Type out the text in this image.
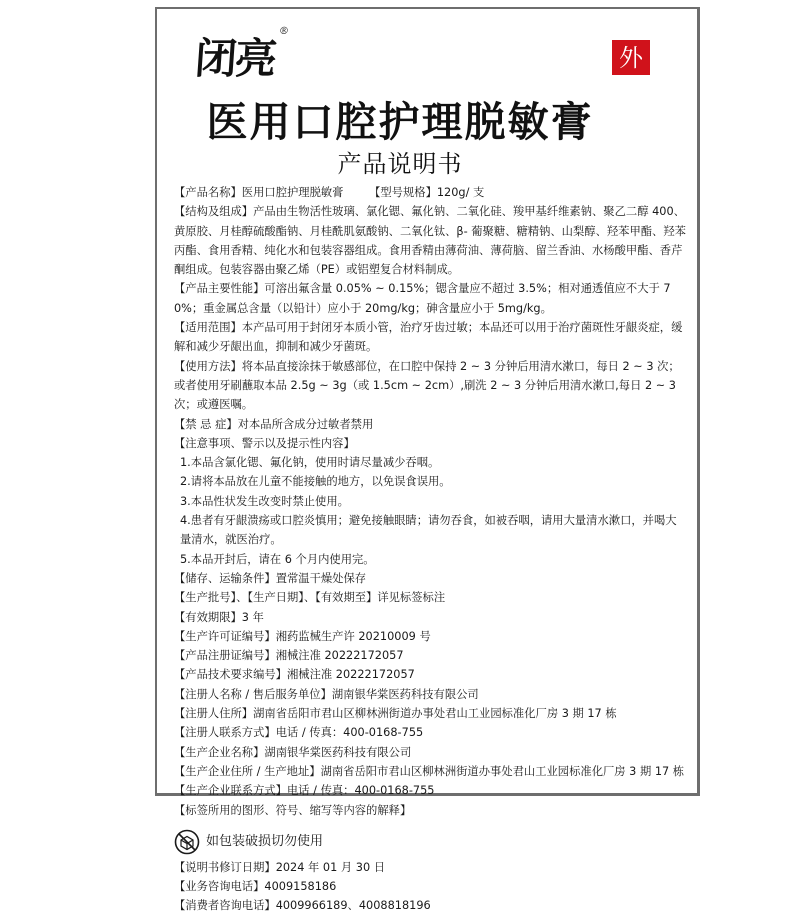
闭亮®
外
医用口腔护理脱敏膏
产品说明书
【产品名称】医用口腔护理脱敏膏 【型号规格】120g/ 支
【结构及组成】产品由生物活性玻璃、氯化锶、氟化钠、二氧化硅、羧甲基纤维素钠、聚乙二醇 400、黄原胶、月桂醇硫酸酯钠、月桂酰肌氨酸钠、二氧化钛、β- 葡聚糖、糖精钠、山梨醇、羟苯甲酯、羟苯丙酯、食用香精、纯化水和包装容器组成。食用香精由薄荷油、薄荷脑、留兰香油、水杨酸甲酯、香芹酮组成。包装容器由聚乙烯（PE）或铝塑复合材料制成。
【产品主要性能】可溶出氟含量 0.05% ~ 0.15%；锶含量应不超过 3.5%；相对通透值应不大于 70%；重金属总含量（以铅计）应小于 20mg/kg；砷含量应小于 5mg/kg。
【适用范围】本产品可用于封闭牙本质小管，治疗牙齿过敏；本品还可以用于治疗菌斑性牙龈炎症，缓解和减少牙龈出血，抑制和减少牙菌斑。
【使用方法】将本品直接涂抹于敏感部位，在口腔中保持 2 ~ 3 分钟后用清水漱口，每日 2 ~ 3 次；或者使用牙刷蘸取本品 2.5g ~ 3g（或 1.5cm ~ 2cm）,刷洗 2 ~ 3 分钟后用清水漱口,每日 2 ~ 3 次；或遵医嘱。
【禁 忌 症】对本品所含成分过敏者禁用
【注意事项、警示以及提示性内容】
1.本品含氯化锶、氟化钠，使用时请尽量减少吞咽。
2.请将本品放在儿童不能接触的地方，以免误食误用。
3.本品性状发生改变时禁止使用。
4.患者有牙龈溃疡或口腔炎慎用；避免接触眼睛；请勿吞食，如被吞咽，请用大量清水漱口，并喝大量清水，就医治疗。
5.本品开封后，请在 6 个月内使用完。
【储存、运输条件】置常温干燥处保存
【生产批号】、【生产日期】、【有效期至】详见标签标注
【有效期限】3 年
【生产许可证编号】湘药监械生产许 20210009 号
【产品注册证编号】湘械注准 20222172057
【产品技术要求编号】湘械注准 20222172057
【注册人名称 / 售后服务单位】湖南银华棠医药科技有限公司
【注册人住所】湖南省岳阳市君山区柳林洲街道办事处君山工业园标准化厂房 3 期 17 栋
【注册人联系方式】电话 / 传真：400-0168-755
【生产企业名称】湖南银华棠医药科技有限公司
【生产企业住所 / 生产地址】湖南省岳阳市君山区柳林洲街道办事处君山工业园标准化厂房 3 期 17 栋
【生产企业联系方式】电话 / 传真：400-0168-755
【标签所用的图形、符号、缩写等内容的解释】
如包装破损切勿使用
【说明书修订日期】2024 年 01 月 30 日
【业务咨询电话】4009158186
【消费者咨询电话】4009966189、4008818196
